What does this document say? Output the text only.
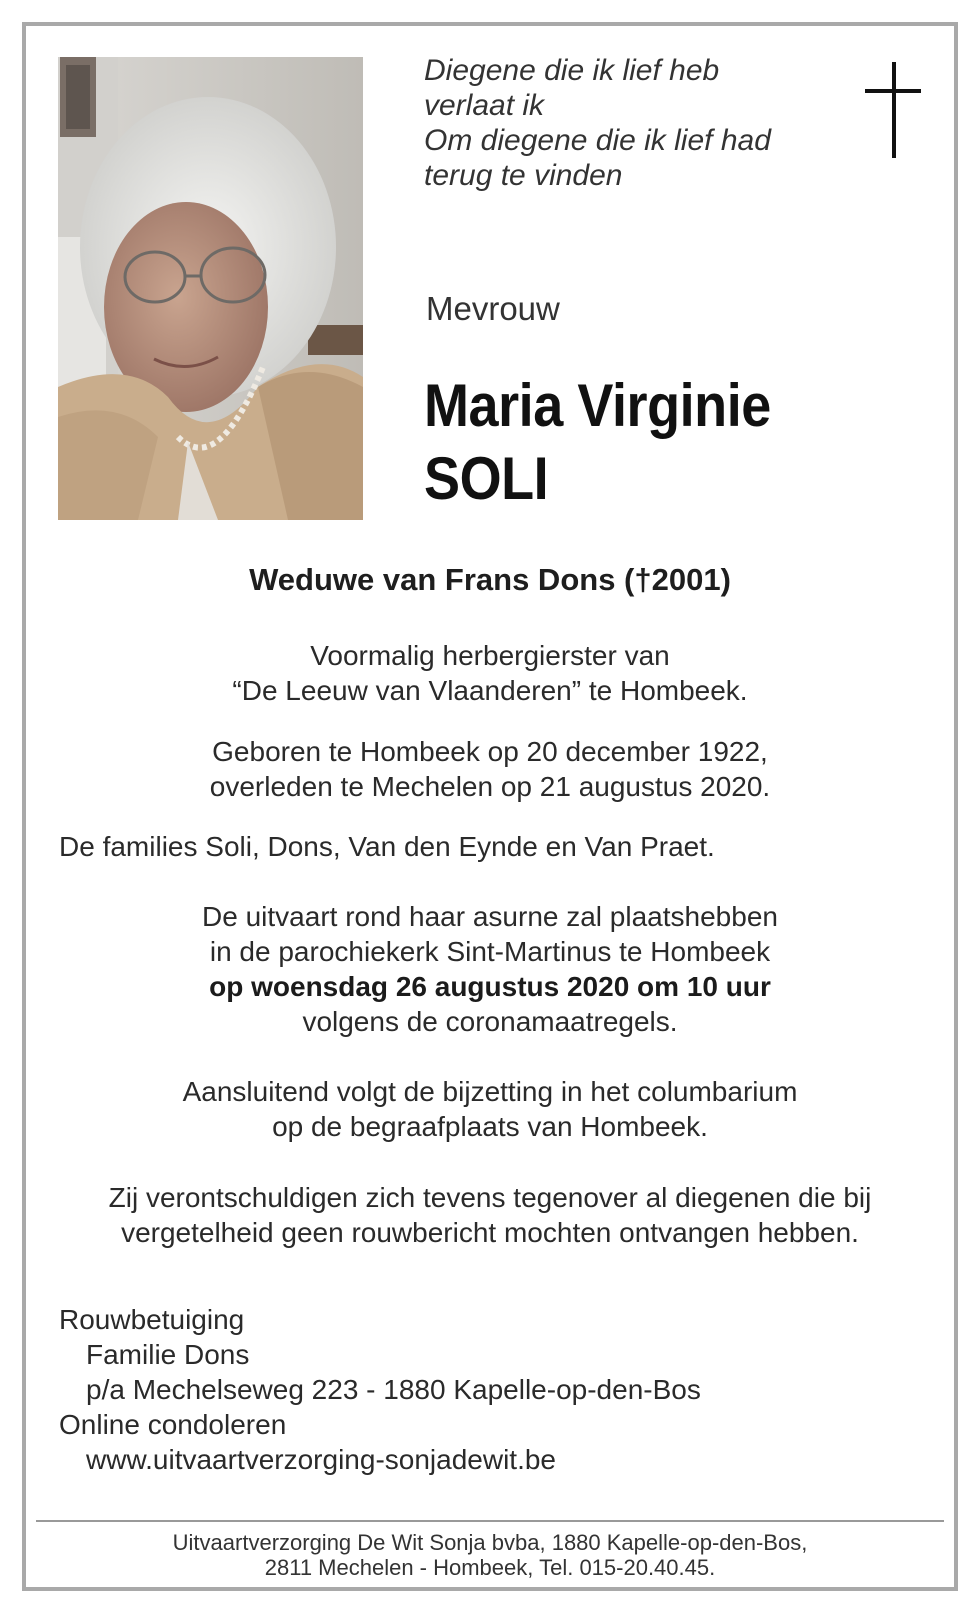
Diegene die ik lief heb
verlaat ik
Om diegene die ik lief had
terug te vinden
Mevrouw
Maria Virginie
SOLI
Weduwe van Frans Dons (†2001)
Voormalig herbergierster van
“De Leeuw van Vlaanderen” te Hombeek.
Geboren te Hombeek op 20 december 1922,
overleden te Mechelen op 21 augustus 2020.
De families Soli, Dons, Van den Eynde en Van Praet.
De uitvaart rond haar asurne zal plaatshebben
in de parochiekerk Sint-Martinus te Hombeek
op woensdag 26 augustus 2020 om 10 uur
volgens de coronamaatregels.
Aansluitend volgt de bijzetting in het columbarium
op de begraafplaats van Hombeek.
Zij verontschuldigen zich tevens tegenover al diegenen die bij
vergetelheid geen rouwbericht mochten ontvangen hebben.
Rouwbetuiging
Familie Dons
p/a Mechelseweg 223 - 1880 Kapelle-op-den-Bos
Online condoleren
www.uitvaartverzorging-sonjadewit.be
Uitvaartverzorging De Wit Sonja bvba, 1880 Kapelle-op-den-Bos,
2811 Mechelen - Hombeek, Tel. 015-20.40.45.
